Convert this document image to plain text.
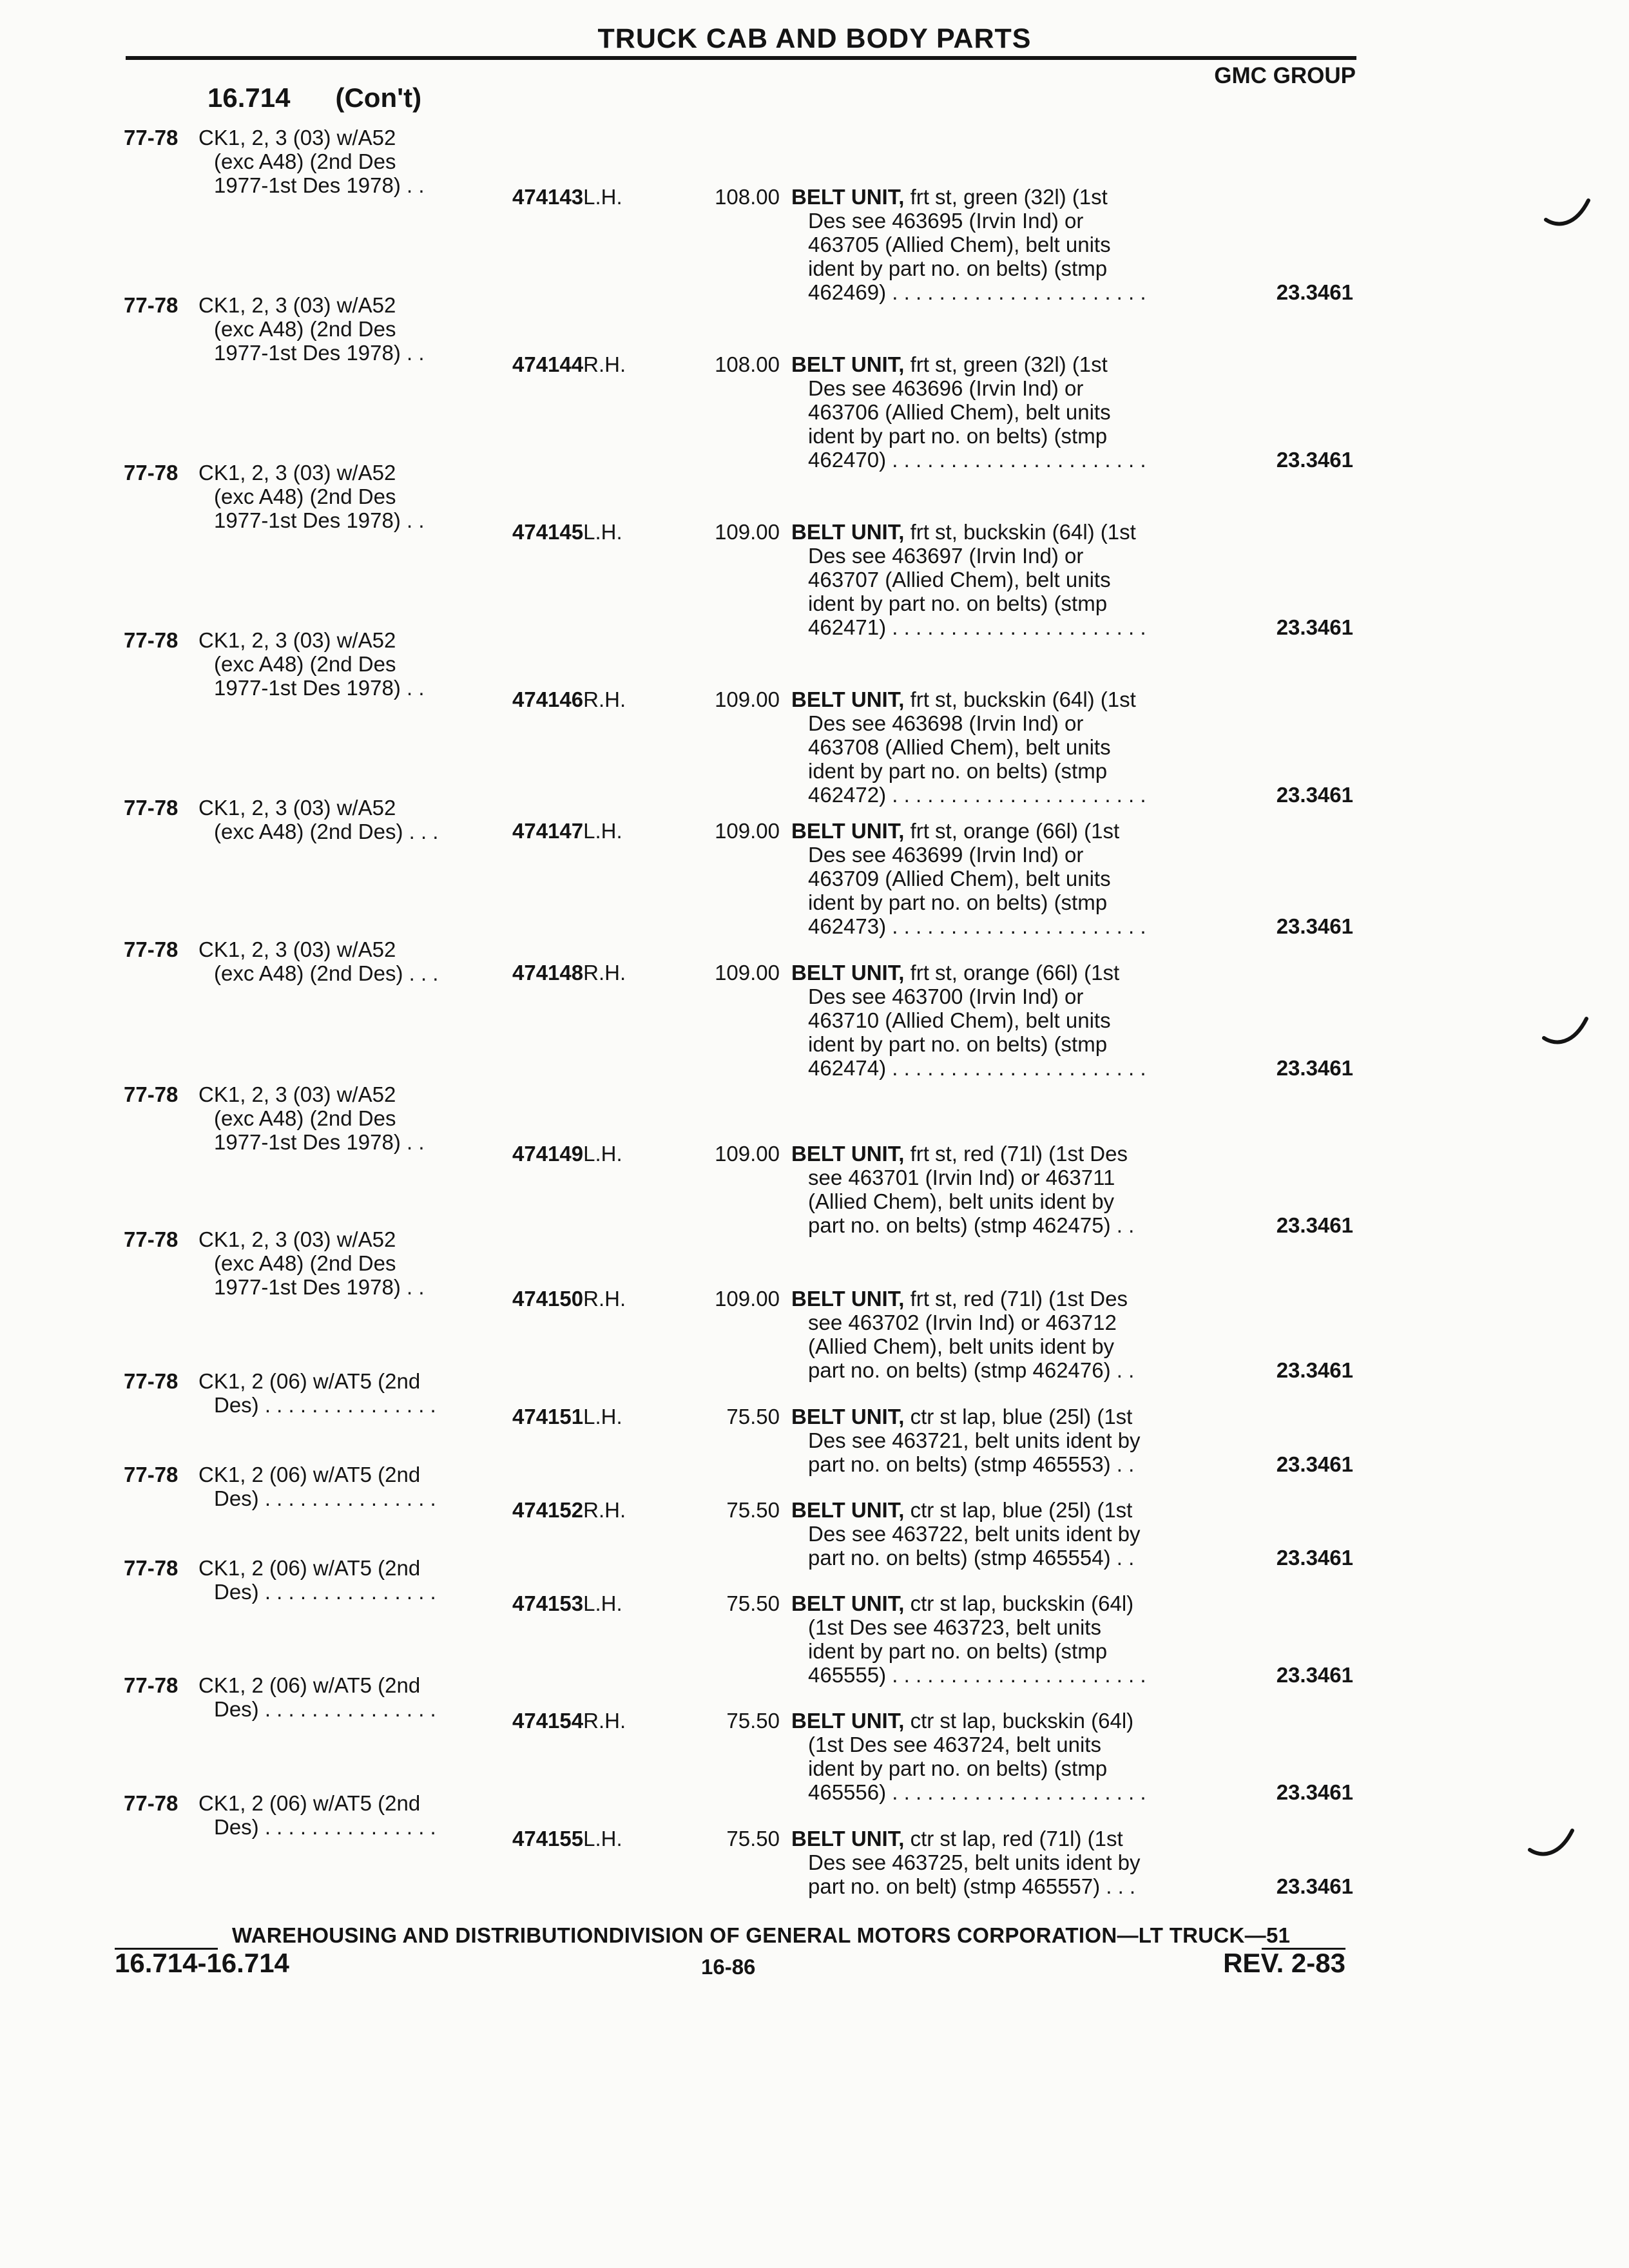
TRUCK CAB AND BODY PARTS
GMC GROUP
16.714 (Con't)
77-78 CK1, 2, 3 (03) w/A52
(exc A48) (2nd Des
1977-1st Des 1978) . .	474143L.H.	108.00 BELT UNIT, frt st, green (32l) (1st
Des see 463695 (Irvin Ind) or
463705 (Allied Chem), belt units
ident by part no. on belts) (stmp
462469) . . . . . . . . . . . . . . . . . . . . . .	23.3461
77-78 CK1, 2, 3 (03) w/A52
(exc A48) (2nd Des
1977-1st Des 1978) . .	474144R.H.	108.00 BELT UNIT, frt st, green (32l) (1st
Des see 463696 (Irvin Ind) or
463706 (Allied Chem), belt units
ident by part no. on belts) (stmp
462470) . . . . . . . . . . . . . . . . . . . . . .	23.3461
77-78 CK1, 2, 3 (03) w/A52
(exc A48) (2nd Des
1977-1st Des 1978) . .	474145L.H.	109.00 BELT UNIT, frt st, buckskin (64l) (1st
Des see 463697 (Irvin Ind) or
463707 (Allied Chem), belt units
ident by part no. on belts) (stmp
462471) . . . . . . . . . . . . . . . . . . . . . .	23.3461
77-78 CK1, 2, 3 (03) w/A52
(exc A48) (2nd Des
1977-1st Des 1978) . .	474146R.H.	109.00 BELT UNIT, frt st, buckskin (64l) (1st
Des see 463698 (Irvin Ind) or
463708 (Allied Chem), belt units
ident by part no. on belts) (stmp
462472) . . . . . . . . . . . . . . . . . . . . . .	23.3461
77-78 CK1, 2, 3 (03) w/A52
(exc A48) (2nd Des) . . .	474147L.H.	109.00 BELT UNIT, frt st, orange (66l) (1st
Des see 463699 (Irvin Ind) or
463709 (Allied Chem), belt units
ident by part no. on belts) (stmp
462473) . . . . . . . . . . . . . . . . . . . . . .	23.3461
77-78 CK1, 2, 3 (03) w/A52
(exc A48) (2nd Des) . . .	474148R.H.	109.00 BELT UNIT, frt st, orange (66l) (1st
Des see 463700 (Irvin Ind) or
463710 (Allied Chem), belt units
ident by part no. on belts) (stmp
462474) . . . . . . . . . . . . . . . . . . . . . .	23.3461
77-78 CK1, 2, 3 (03) w/A52
(exc A48) (2nd Des
1977-1st Des 1978) . .	474149L.H.	109.00 BELT UNIT, frt st, red (71l) (1st Des
see 463701 (Irvin Ind) or 463711
(Allied Chem), belt units ident by
part no. on belts) (stmp 462475) . .	23.3461
77-78 CK1, 2, 3 (03) w/A52
(exc A48) (2nd Des
1977-1st Des 1978) . .	474150R.H.	109.00 BELT UNIT, frt st, red (71l) (1st Des
see 463702 (Irvin Ind) or 463712
(Allied Chem), belt units ident by
part no. on belts) (stmp 462476) . .	23.3461
77-78 CK1, 2 (06) w/AT5 (2nd
Des) . . . . . . . . . . . . . . .	474151L.H.	75.50 BELT UNIT, ctr st lap, blue (25l) (1st
Des see 463721, belt units ident by
part no. on belts) (stmp 465553) . .	23.3461
77-78 CK1, 2 (06) w/AT5 (2nd
Des) . . . . . . . . . . . . . . .	474152R.H.	75.50 BELT UNIT, ctr st lap, blue (25l) (1st
Des see 463722, belt units ident by
part no. on belts) (stmp 465554) . .	23.3461
77-78 CK1, 2 (06) w/AT5 (2nd
Des) . . . . . . . . . . . . . . .	474153L.H.	75.50 BELT UNIT, ctr st lap, buckskin (64l)
(1st Des see 463723, belt units
ident by part no. on belts) (stmp
465555) . . . . . . . . . . . . . . . . . . . . . .	23.3461
77-78 CK1, 2 (06) w/AT5 (2nd
Des) . . . . . . . . . . . . . . .	474154R.H.	75.50 BELT UNIT, ctr st lap, buckskin (64l)
(1st Des see 463724, belt units
ident by part no. on belts) (stmp
465556) . . . . . . . . . . . . . . . . . . . . . .	23.3461
77-78 CK1, 2 (06) w/AT5 (2nd
Des) . . . . . . . . . . . . . . .	474155L.H.	75.50 BELT UNIT, ctr st lap, red (71l) (1st
Des see 463725, belt units ident by
part no. on belt) (stmp 465557) . . .	23.3461
WAREHOUSING AND DISTRIBUTIONDIVISION OF GENERAL MOTORS CORPORATION—LT TRUCK—51
16.714-16.714	16-86	REV. 2-83
